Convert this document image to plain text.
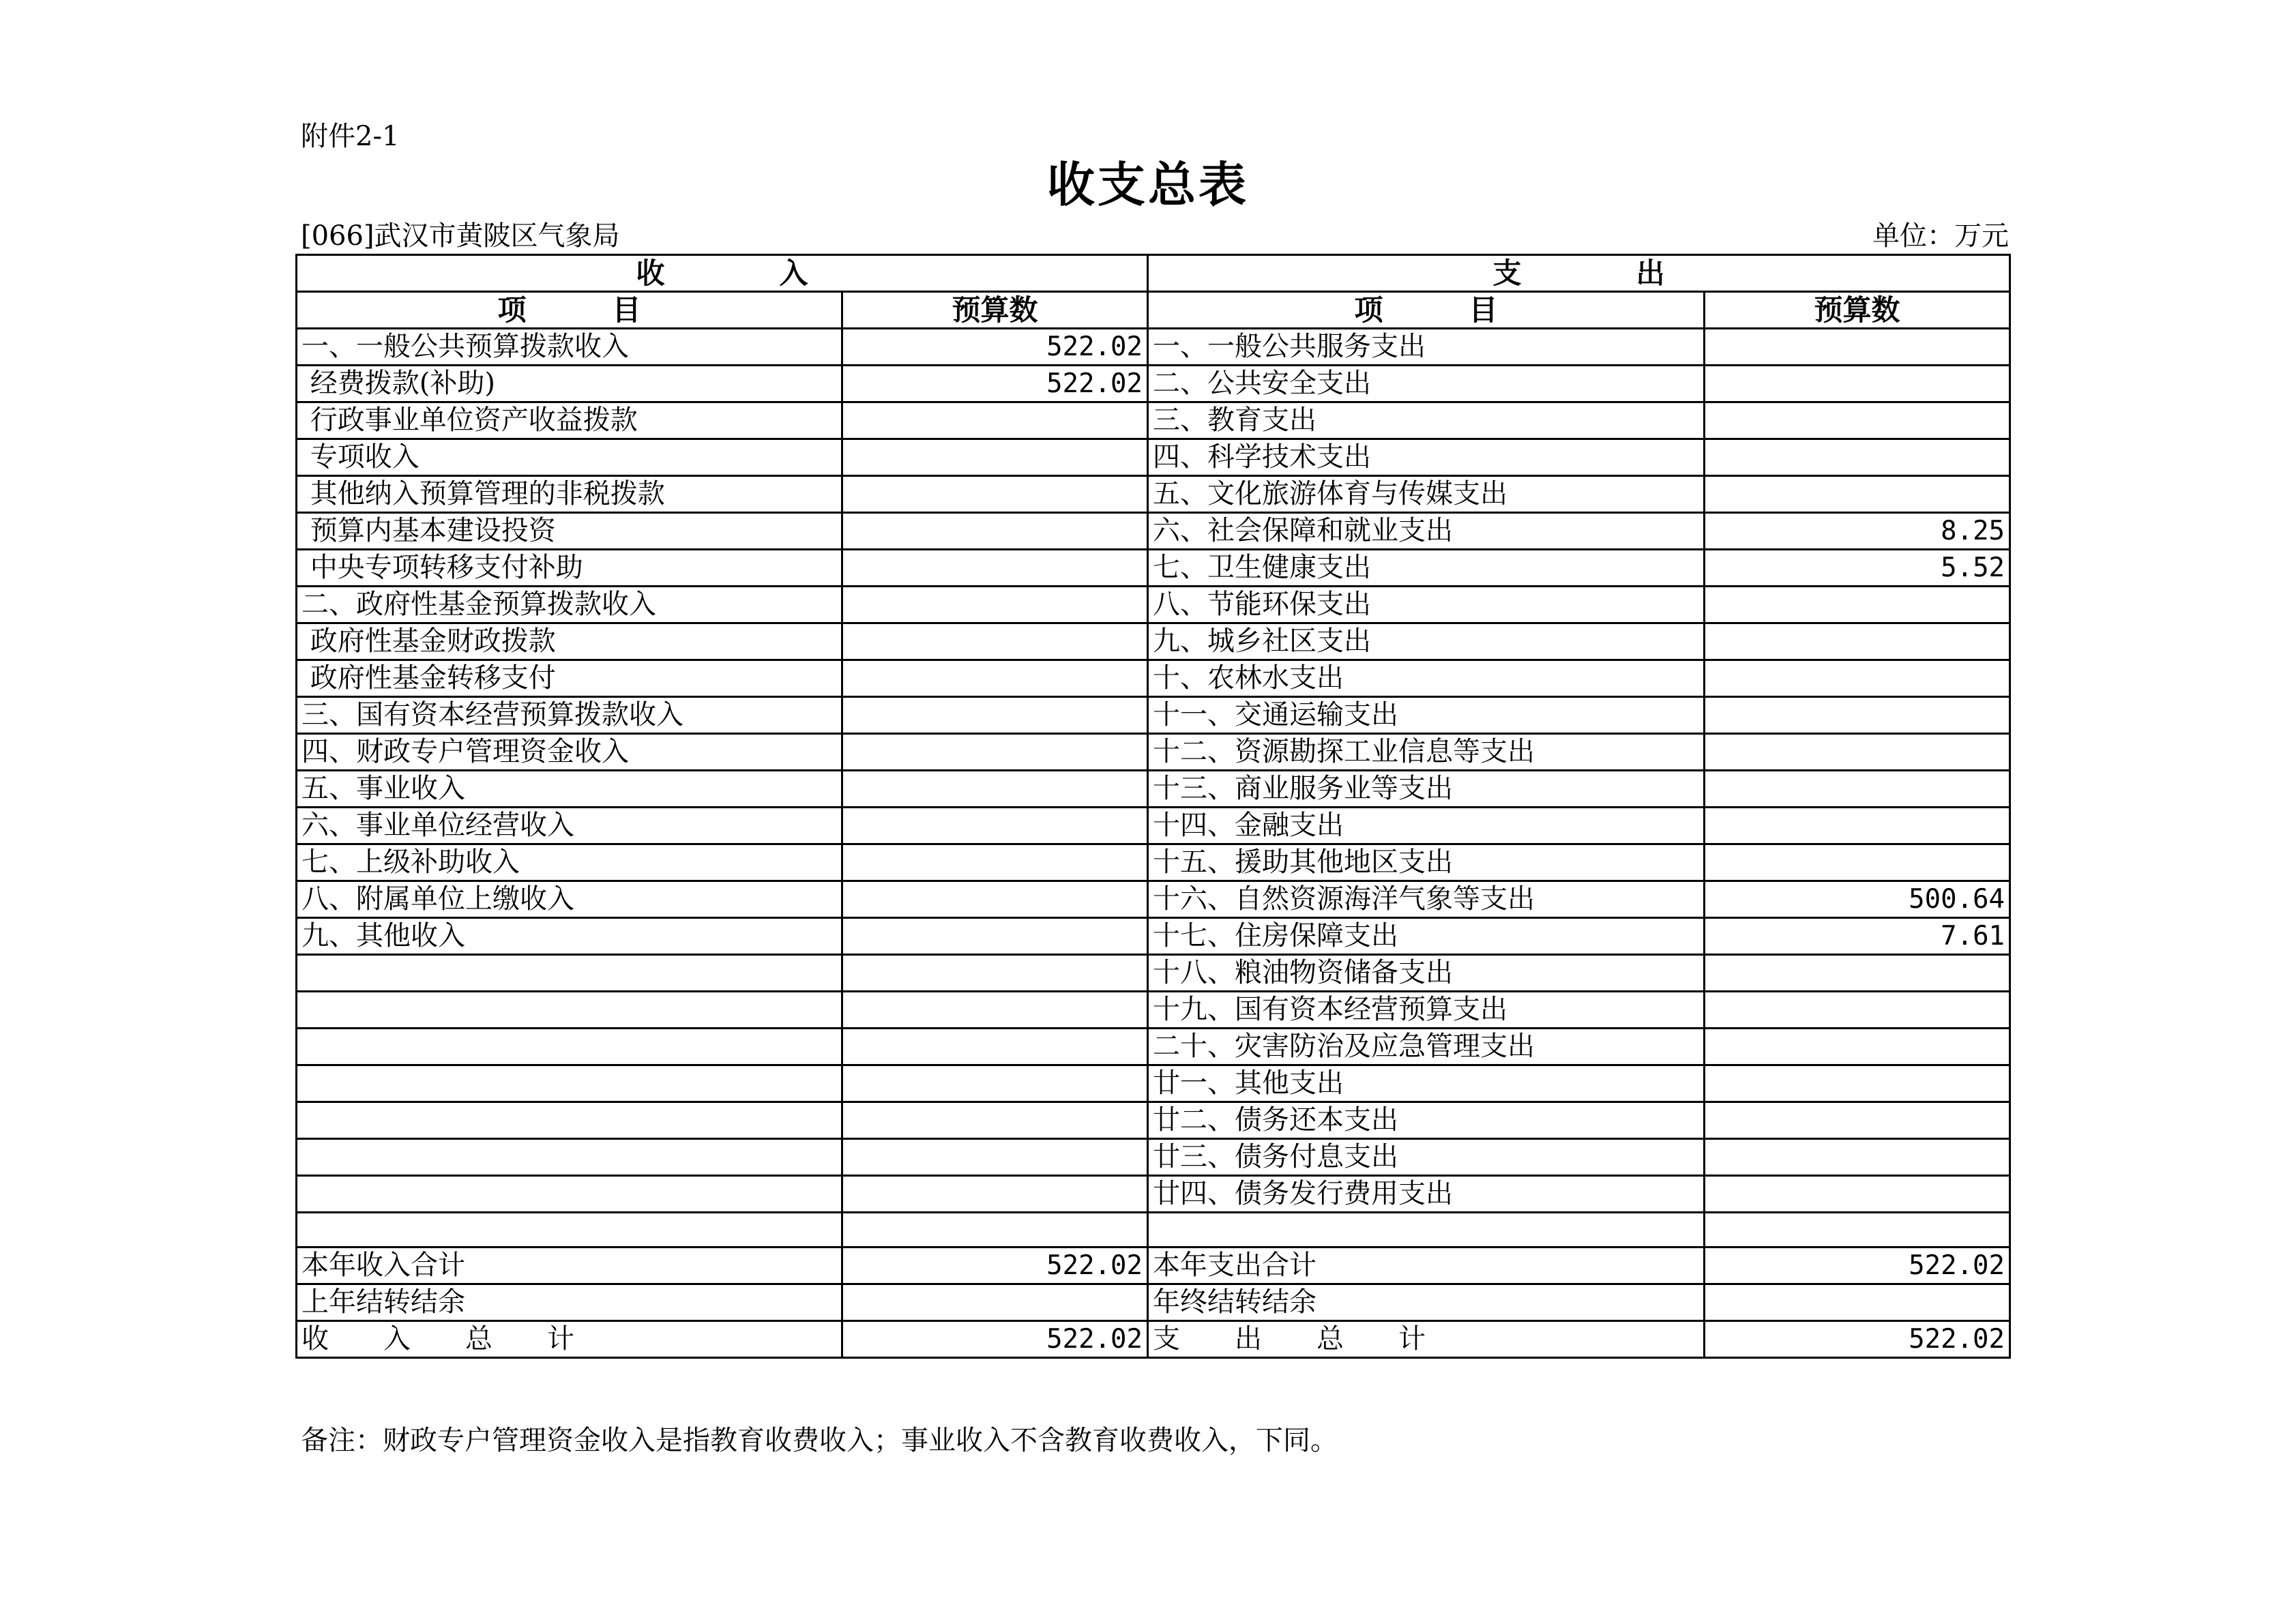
附件2-1
收支总表
[066]武汉市黄陂区气象局	单位：万元
收　　　　入		支　　　　出	
项　　　目	预算数	项　　　目	预算数
一、一般公共预算拨款收入	522.02	一、一般公共服务支出	
经费拨款(补助)	522.02	二、公共安全支出	
行政事业单位资产收益拨款		三、教育支出	
专项收入		四、科学技术支出	
其他纳入预算管理的非税拨款		五、文化旅游体育与传媒支出	
预算内基本建设投资		六、社会保障和就业支出	8.25
中央专项转移支付补助		七、卫生健康支出	5.52
二、政府性基金预算拨款收入		八、节能环保支出	
政府性基金财政拨款		九、城乡社区支出	
政府性基金转移支付		十、农林水支出	
三、国有资本经营预算拨款收入		十一、交通运输支出	
四、财政专户管理资金收入		十二、资源勘探工业信息等支出	
五、事业收入		十三、商业服务业等支出	
六、事业单位经营收入		十四、金融支出	
七、上级补助收入		十五、援助其他地区支出	
八、附属单位上缴收入		十六、自然资源海洋气象等支出	500.64
九、其他收入		十七、住房保障支出	7.61
		十八、粮油物资储备支出	
		十九、国有资本经营预算支出	
		二十、灾害防治及应急管理支出	
		廿一、其他支出	
		廿二、债务还本支出	
		廿三、债务付息支出	
		廿四、债务发行费用支出	

本年收入合计	522.02	本年支出合计	522.02
上年结转结余		年终结转结余	
收　　入　　总　　计	522.02	支　　出　　总　　计	522.02
备注：财政专户管理资金收入是指教育收费收入；事业收入不含教育收费收入，下同。
